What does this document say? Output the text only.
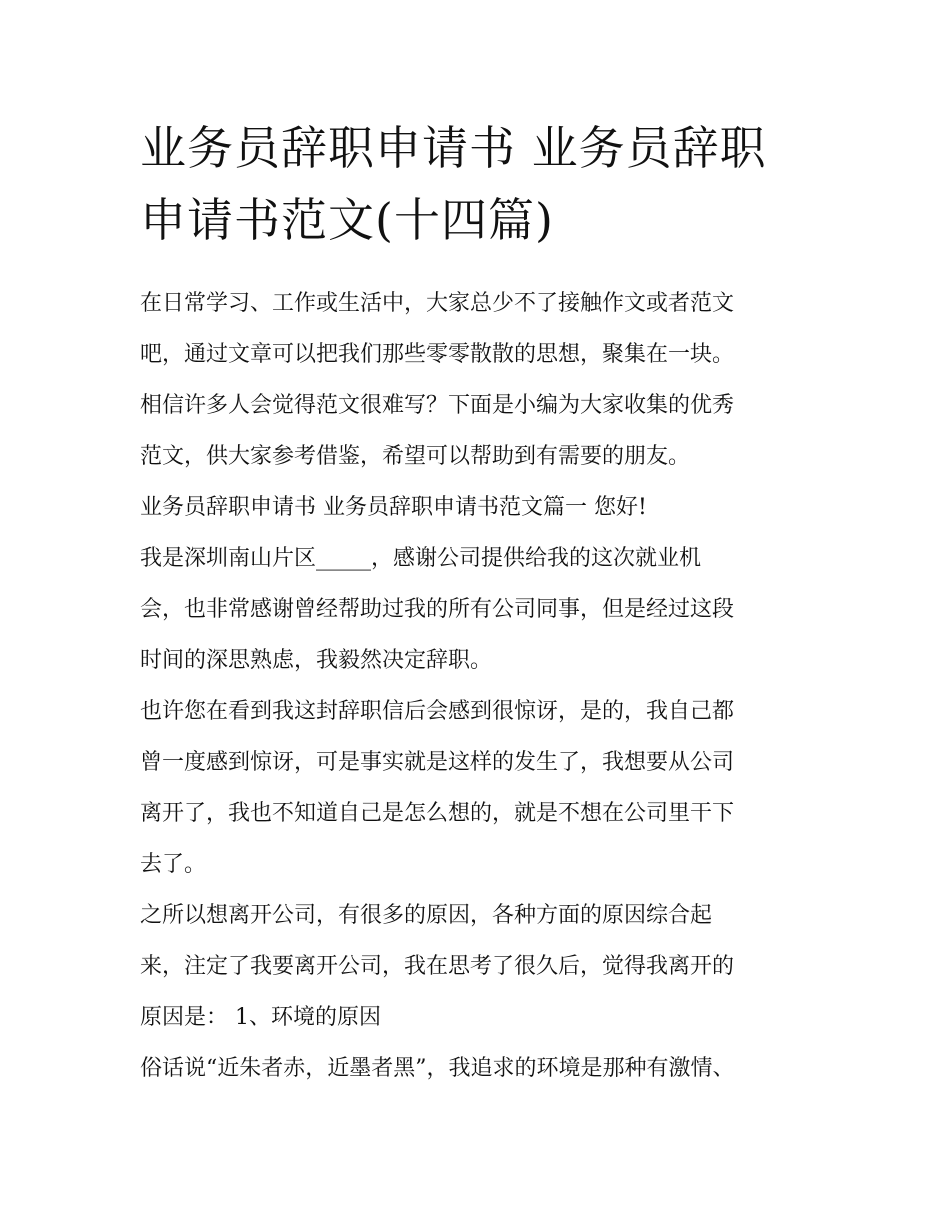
业务员辞职申请书 业务员辞职
申请书范文(十四篇)

在日常学习、工作或生活中，大家总少不了接触作文或者范文

吧，通过文章可以把我们那些零零散散的思想，聚集在一块。

相信许多人会觉得范文很难写？下面是小编为大家收集的优秀

范文，供大家参考借鉴，希望可以帮助到有需要的朋友。

业务员辞职申请书 业务员辞职申请书范文篇一 您好!

我是深圳南山片区_____，感谢公司提供给我的这次就业机

会，也非常感谢曾经帮助过我的所有公司同事，但是经过这段

时间的深思熟虑，我毅然决定辞职。

也许您在看到我这封辞职信后会感到很惊讶，是的，我自己都

曾一度感到惊讶，可是事实就是这样的发生了，我想要从公司

离开了，我也不知道自己是怎么想的，就是不想在公司里干下

去了。

之所以想离开公司，有很多的原因，各种方面的原因综合起

来，注定了我要离开公司，我在思考了很久后，觉得我离开的

原因是： 1、环境的原因

俗话说“近朱者赤，近墨者黑”，我追求的环境是那种有激情、
